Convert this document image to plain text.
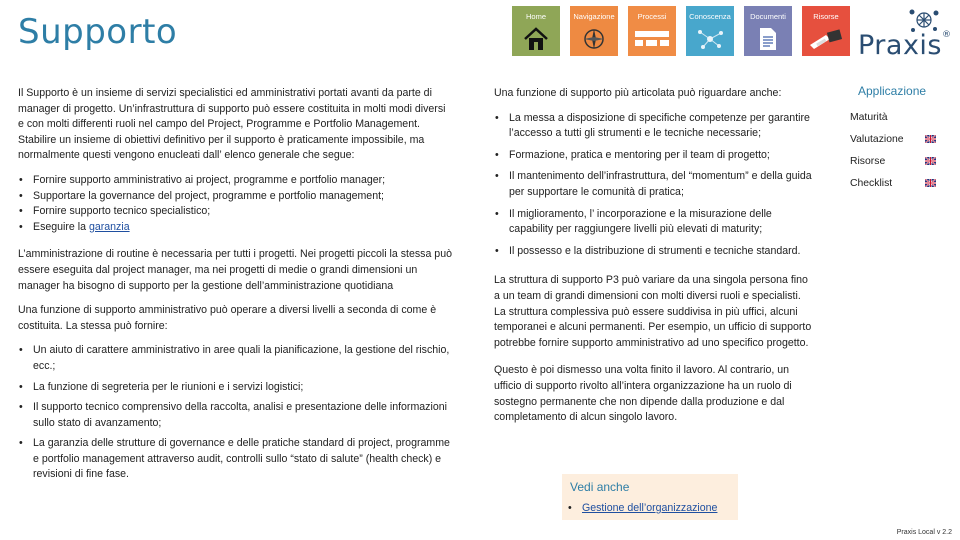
Supporto	Home	Navigazione	Processi	Conoscenza	Documenti	Risorse
Praxis®

Il Supporto è un insieme di servizi specialistici ed amministrativi portati avanti da parte di manager di progetto. Un’infrastruttura di supporto può essere costituita in molti modi diversi e con molti differenti ruoli nel campo del Project, Programme e Portfolio Management. Stabilire un insieme di obiettivi definitivo per il supporto è praticamente impossibile, ma normalmente questi vengono enucleati dall’ elenco generale che segue:

• Fornire supporto amministrativo ai project, programme e portfolio manager;
• Supportare la governance del project, programme e portfolio management;
• Fornire supporto tecnico specialistico;
• Eseguire la garanzia

L’amministrazione di routine è necessaria per tutti i progetti. Nei progetti piccoli la stessa può essere eseguita dal project manager, ma nei progetti di medie o grandi dimensioni un manager ha bisogno di supporto per la gestione dell’amministrazione quotidiana

Una funzione di supporto amministrativo può operare a diversi livelli a seconda di come è costituita. La stessa può fornire:

• Un aiuto di carattere amministrativo in aree quali la pianificazione, la gestione del rischio, ecc.;
• La funzione di segreteria per le riunioni e i servizi logistici;
• Il supporto tecnico comprensivo della raccolta, analisi e presentazione delle informazioni sullo stato di avanzamento;
• La garanzia delle strutture di governance e delle pratiche standard di project, programme e portfolio management attraverso audit, controlli sullo “stato di salute” (health check) e revisioni di fine fase.

Una funzione di supporto più articolata può riguardare anche:

• La messa a disposizione di specifiche competenze per garantire l’accesso a tutti gli strumenti e le tecniche necessarie;
• Formazione, pratica e mentoring per il team di progetto;
• Il mantenimento dell’infrastruttura, del “momentum” e della guida per supportare le comunità di pratica;
• Il miglioramento, l’ incorporazione e la misurazione delle capability per raggiungere livelli più elevati di maturity;
• Il possesso e la distribuzione di strumenti e tecniche standard.

La struttura di supporto P3 può variare da una singola persona fino a un team di grandi dimensioni con molti diversi ruoli e specialisti. La struttura complessiva può essere suddivisa in più uffici, alcuni temporanei e alcuni permanenti. Per esempio, un ufficio di supporto potrebbe fornire supporto amministrativo ad uno specifico progetto.

Questo è poi dismesso una volta finito il lavoro. Al contrario, un ufficio di supporto rivolto all’intera organizzazione ha un ruolo di sostegno permanente che non dipende dalla produzione e dal completamento di alcun singolo lavoro.

Vedi anche
• Gestione dell’organizzazione
Applicazione
Maturità
Valutazione
Risorse
Checklist
Praxis Local v 2.2
